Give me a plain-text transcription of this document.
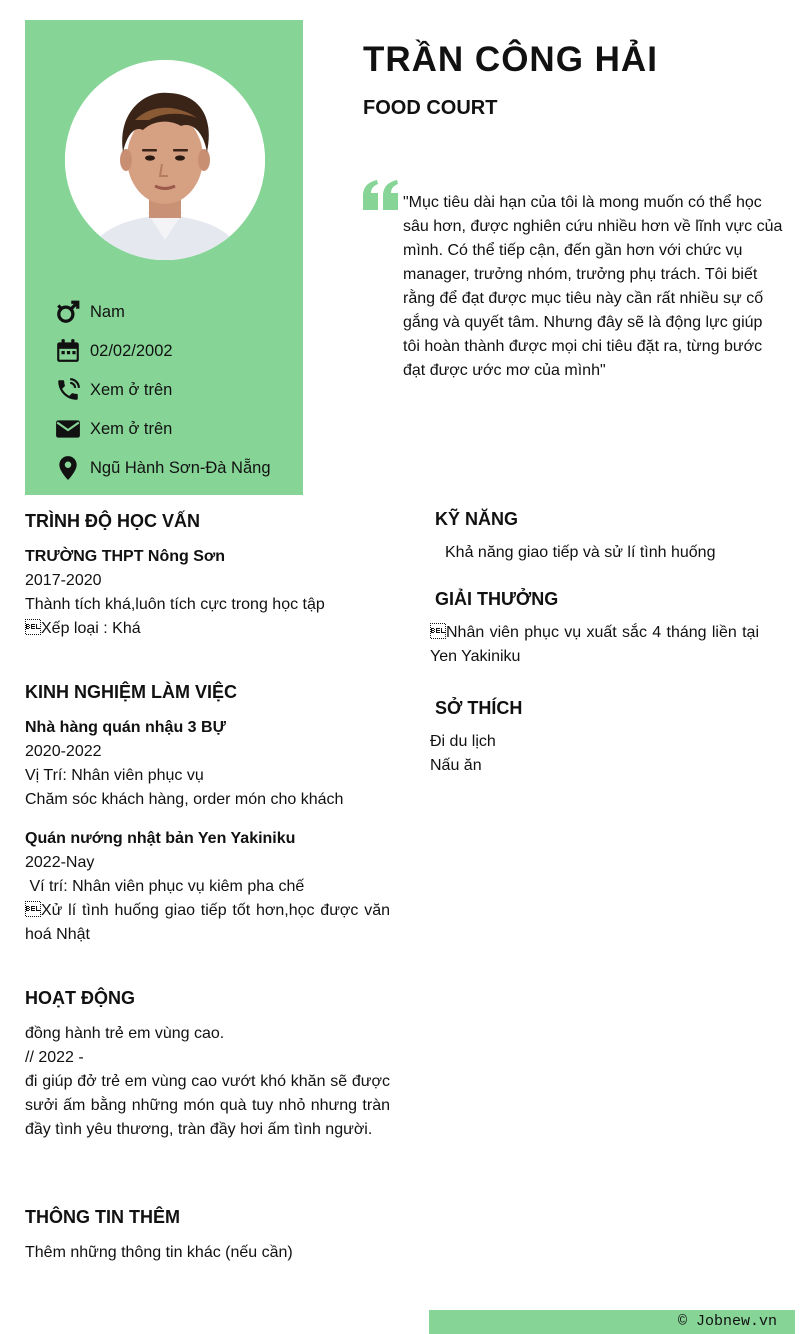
Nam
02/02/2002
Xem ở trên
Xem ở trên
Ngũ Hành Sơn-Đà Nẵng
TRẦN CÔNG HẢI
FOOD COURT
"Mục tiêu dài hạn của tôi là mong muốn có thể học sâu hơn, được nghiên cứu nhiều hơn về lĩnh vực của mình. Có thể tiếp cận, đến gần hơn với chức vụ manager, trưởng nhóm, trưởng phụ trách. Tôi biết rằng để đạt được mục tiêu này cần rất nhiều sự cố gắng và quyết tâm. Nhưng đây sẽ là động lực giúp tôi hoàn thành được mọi chi tiêu đặt ra, từng bước đạt được ước mơ của mình"
TRÌNH ĐỘ HỌC VẤN
TRƯỜNG THPT Nông Sơn
2017-2020
Thành tích khá,luôn tích cực trong học tập
Xếp loại : Khá
KINH NGHIỆM LÀM VIỆC
Nhà hàng quán nhậu 3 BỰ
2020-2022
Vị Trí: Nhân viên phục vụ
Chăm sóc khách hàng, order món cho khách
Quán nướng nhật bản Yen Yakiniku
2022-Nay
Ví trí: Nhân viên phục vụ kiêm pha chế
Xử lí tình huống giao tiếp tốt hơn,học được văn hoá Nhật
HOẠT ĐỘNG
đồng hành trẻ em vùng cao.
// 2022 -
đi giúp đở trẻ em vùng cao vướt khó khăn sẽ được sưởi ấm bằng những món quà tuy nhỏ nhưng tràn đầy tình yêu thương, tràn đầy hơi ấm tình người.
THÔNG TIN THÊM
Thêm những thông tin khác (nếu cần)
KỸ NĂNG
Khả năng giao tiếp và sử lí tình huống
GIẢI THƯỞNG
Nhân viên phục vụ xuất sắc 4 tháng liền tại Yen Yakiniku
SỞ THÍCH
Đi du lịch
Nấu ăn
© Jobnew.vn
